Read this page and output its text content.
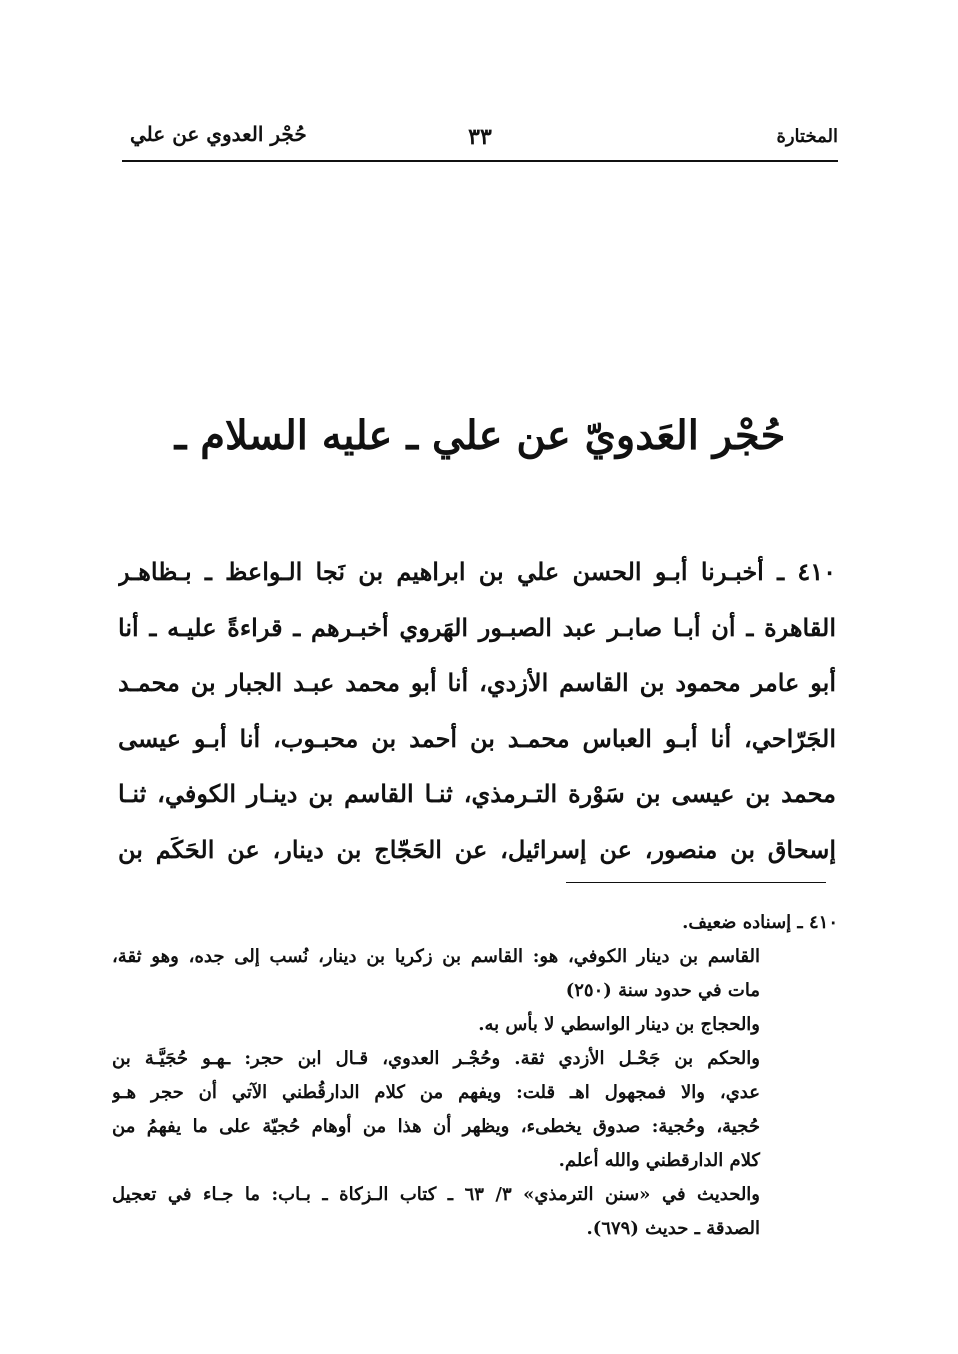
المختارة
٣٣
حُجْر العدوي عن علي
حُجْر العَدويّ عن علي ـ عليه السلام ـ
٤١٠ ـ أخبـرنا أبـو الحسن علي بن ابراهيم بن نَجا الـواعظ ـ بـظاهـر
القاهرة ـ أن أبـا صابـر عبد الصبـور الهَروي أخبـرهم ـ قراءةً عليـه ـ أنا
أبو عامر محمود بن القاسم الأزدي، أنا أبو محمد عبـد الجبار بن محمـد
الجَرّاحي، أنا أبـو العباس محمـد بن أحمد بن محبـوب، أنا أبـو عيسى
محمد بن عيسى بن سَوْرة التـرمذي، ثنـا القاسم بن دينـار الكوفي، ثنـا
إسحاق بن منصور، عن إسرائيل، عن الحَجّاج بن دينار، عن الحَكَم بن
٤١٠ ـ إسناده ضعيف.
القاسم بن دينار الكوفي، هو: القاسم بن زكريا بن دينار، نُسب إلى جده، وهو ثقة،
مات في حدود سنة (٢٥٠)
والحجاج بن دينار الواسطي لا بأس به.
والحكم بن جَحْـل الأزدي ثقة. وحُجْـر العدوي، قـال ابن حجر: ـهـو حُجَيَّـة بن
عدي، والا فمجهول اهـ قلت: ويفهم من كلام الدارقُطني الآتي أن حجر هـو
حُجية، وحُجية: صدوق يخطىء، ويظهر أن هذا من أوهام حُجيّة على ما يفهمُ من
كلام الدارقطني والله أعلم.
والحديث في «سنن الترمذي» ٣/ ٦٣ ـ كتاب الـزكاة ـ بـاب: ما جـاء في تعجيل
الصدقة ـ حديث (٦٧٩).
